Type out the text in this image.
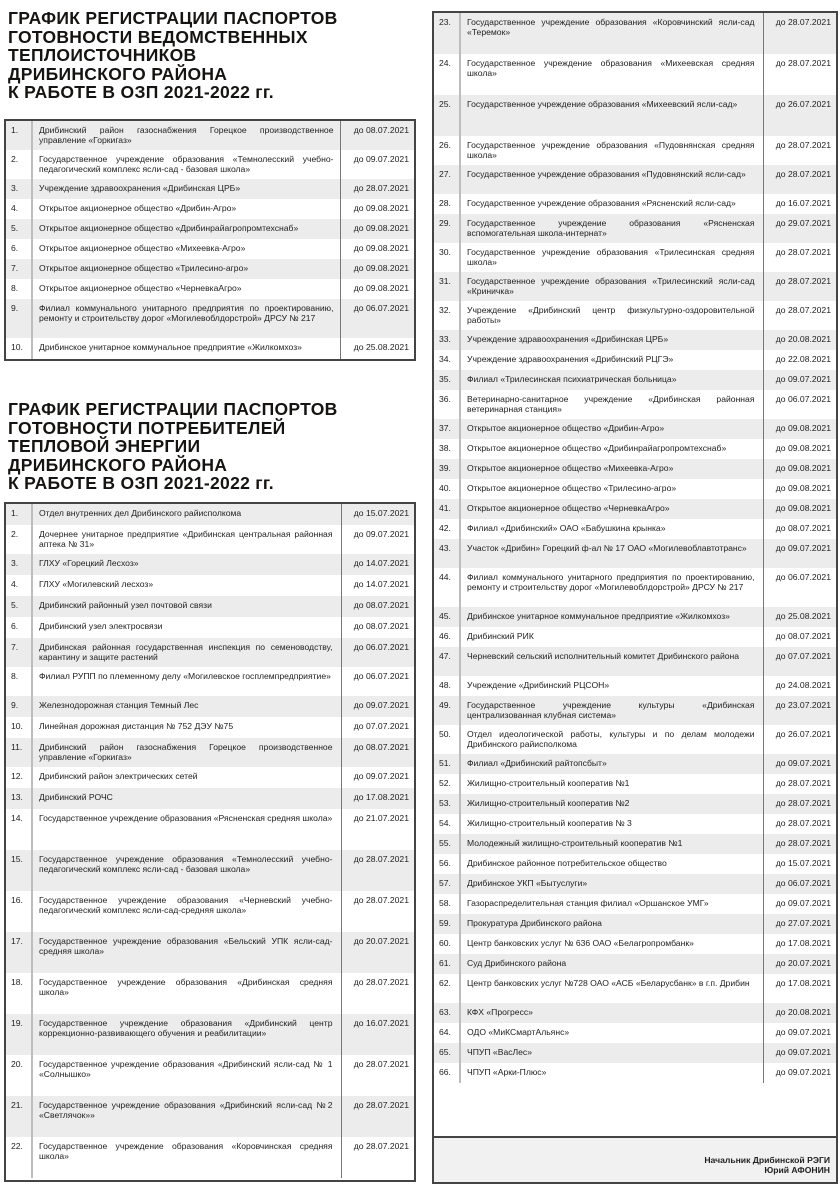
ГРАФИК РЕГИСТРАЦИИ ПАСПОРТОВ
ГОТОВНОСТИ ВЕДОМСТВЕННЫХ
ТЕПЛОИСТОЧНИКОВ
ДРИБИНСКОГО РАЙОНА
К РАБОТЕ В ОЗП 2021-2022 гг.
1.	Дрибинский район газоснабжения Горецкое производственное управление «Горкигаз»	до 08.07.2021
2.	Государственное учреждение образования «Темнолесский учебно-педагогический комплекс ясли-сад - базовая школа»	до 09.07.2021
3.	Учреждение здравоохранения «Дрибинская ЦРБ»	до 28.07.2021
4.	Открытое акционерное общество «Дрибин-Агро»	до 09.08.2021
5.	Открытое акционерное общество «Дрибинрайагропромтехснаб»	до 09.08.2021
6.	Открытое акционерное общество «Михеевка-Агро»	до 09.08.2021
7.	Открытое акционерное общество «Трилесино-агро»	до 09.08.2021
8.	Открытое акционерное общество «ЧерневкаАгро»	до 09.08.2021
9.	Филиал коммунального унитарного предприятия по проектированию, ремонту и строительству дорог «Могилевоблдорстрой» ДРСУ № 217	до 06.07.2021
10.	Дрибинское унитарное коммунальное предприятие «Жилкомхоз»	до 25.08.2021
ГРАФИК РЕГИСТРАЦИИ ПАСПОРТОВ
ГОТОВНОСТИ ПОТРЕБИТЕЛЕЙ
ТЕПЛОВОЙ ЭНЕРГИИ
ДРИБИНСКОГО РАЙОНА
К РАБОТЕ В ОЗП 2021-2022 гг.
1.	Отдел внутренних дел Дрибинского райисполкома	до 15.07.2021
2.	Дочернее унитарное предприятие «Дрибинская центральная районная аптека № 31»	до 09.07.2021
3.	ГЛХУ «Горецкий Лесхоз»	до 14.07.2021
4.	ГЛХУ «Могилевский лесхоз»	до 14.07.2021
5.	Дрибинский районный узел почтовой связи	до 08.07.2021
6.	Дрибинский узел электросвязи	до 08.07.2021
7.	Дрибинская районная государственная инспекция по семеноводству, карантину и защите растений	до 06.07.2021
8.	Филиал РУПП по племенному делу «Могилевское госплемпредприятие»	до 06.07.2021
9.	Железнодорожная станция Темный Лес	до 09.07.2021
10.	Линейная дорожная дистанция № 752 ДЭУ №75	до 07.07.2021
11.	Дрибинский район газоснабжения Горецкое производственное управление «Горкигаз»	до 08.07.2021
12.	Дрибинский район электрических сетей	до 09.07.2021
13.	Дрибинский РОЧС	до 17.08.2021
14.	Государственное учреждение образования «Рясненская средняя школа»	до 21.07.2021
15.	Государственное учреждение образования «Темнолесский учебно-педагогический комплекс ясли-сад - базовая школа»	до 28.07.2021
16.	Государственное учреждение образования «Черневский учебно-педагогический комплекс ясли-сад-средняя школа»	до 28.07.2021
17.	Государственное учреждение образования «Бельский УПК ясли-сад-средняя школа»	до 20.07.2021
18.	Государственное учреждение образования «Дрибинская средняя школа»	до 28.07.2021
19.	Государственное учреждение образования «Дрибинский центр коррекционно-развивающего обучения и реабилитации»	до 16.07.2021
20.	Государственное учреждение образования «Дрибинский ясли-сад № 1 «Солнышко»	до 28.07.2021
21.	Государственное учреждение образования «Дрибинский ясли-сад №2 «Светлячок»»	до 28.07.2021
22.	Государственное учреждение образования «Коровчинская средняя школа»	до 28.07.2021
23.	Государственное учреждение образования «Коровчинский ясли-сад «Теремок»	до 28.07.2021
24.	Государственное учреждение образования «Михеевская средняя школа»	до 28.07.2021
25.	Государственное учреждение образования «Михеевский ясли-сад»	до 26.07.2021
26.	Государственное учреждение образования «Пудовнянская средняя школа»	до 28.07.2021
27.	Государственное учреждение образования «Пудовнянский ясли-сад»	до 28.07.2021
28.	Государственное учреждение образования «Рясненский ясли-сад»	до 16.07.2021
29.	Государственное учреждение образования «Рясненская вспомогательная школа-интернат»	до 29.07.2021
30.	Государственное учреждение образования «Трилесинская средняя школа»	до 28.07.2021
31.	Государственное учреждение образования «Трилесинский ясли-сад «Криничка»	до 28.07.2021
32.	Учреждение «Дрибинский центр физкультурно-оздоровительной работы»	до 28.07.2021
33.	Учреждение здравоохранения «Дрибинская ЦРБ»	до 20.08.2021
34.	Учреждение здравоохранения «Дрибинский РЦГЭ»	до 22.08.2021
35.	Филиал «Трилесинская психиатрическая больница»	до 09.07.2021
36.	Ветеринарно-санитарное учреждение «Дрибинская районная ветеринарная станция»	до 06.07.2021
37.	Открытое акционерное общество «Дрибин-Агро»	до 09.08.2021
38.	Открытое акционерное общество «Дрибинрайагропромтехснаб»	до 09.08.2021
39.	Открытое акционерное общество «Михеевка-Агро»	до 09.08.2021
40.	Открытое акционерное общество «Трилесино-агро»	до 09.08.2021
41.	Открытое акционерное общество «ЧерневкаАгро»	до 09.08.2021
42.	Филиал «Дрибинский» ОАО «Бабушкина крынка»	до 08.07.2021
43.	Участок «Дрибин» Горецкий ф-ал № 17 ОАО «Могилевоблавтотранс»	до 09.07.2021
44.	Филиал коммунального унитарного предприятия по проектированию, ремонту и строительству дорог «Могилевоблдорстрой» ДРСУ № 217	до 06.07.2021
45.	Дрибинское унитарное коммунальное предприятие «Жилкомхоз»	до 25.08.2021
46.	Дрибинский РИК	до 08.07.2021
47.	Черневский сельский исполнительный комитет Дрибинского района	до 07.07.2021
48.	Учреждение «Дрибинский РЦСОН»	до 24.08.2021
49.	Государственное учреждение культуры «Дрибинская централизованная клубная система»	до 23.07.2021
50.	Отдел идеологической работы, культуры и по делам молодежи Дрибинского райисполкома	до 26.07.2021
51.	Филиал «Дрибинский райтопсбыт»	до 09.07.2021
52.	Жилищно-строительный кооператив №1	до 28.07.2021
53.	Жилищно-строительный кооператив №2	до 28.07.2021
54.	Жилищно-строительный кооператив № 3	до 28.07.2021
55.	Молодежный жилищно-строительный кооператив №1	до 28.07.2021
56.	Дрибинское районное потребительское общество	до 15.07.2021
57.	Дрибинское УКП «Бытуслуги»	до 06.07.2021
58.	Газораспределительная станция филиал «Оршанское УМГ»	до 09.07.2021
59.	Прокуратура Дрибинского района	до 27.07.2021
60.	Центр банковских услуг № 636 ОАО «Белагропромбанк»	до 17.08.2021
61.	Суд Дрибинского района	до 20.07.2021
62.	Центр банковских услуг №728 ОАО «АСБ «Беларусбанк» в г.п. Дрибин	до 17.08.2021
63.	КФХ «Прогресс»	до 20.08.2021
64.	ОДО «МиКСмартАльянс»	до 09.07.2021
65.	ЧПУП «ВасЛес»	до 09.07.2021
66.	ЧПУП «Арки-Плюс»	до 09.07.2021
Начальник Дрибинской РЭГИ
Юрий АФОНИН
